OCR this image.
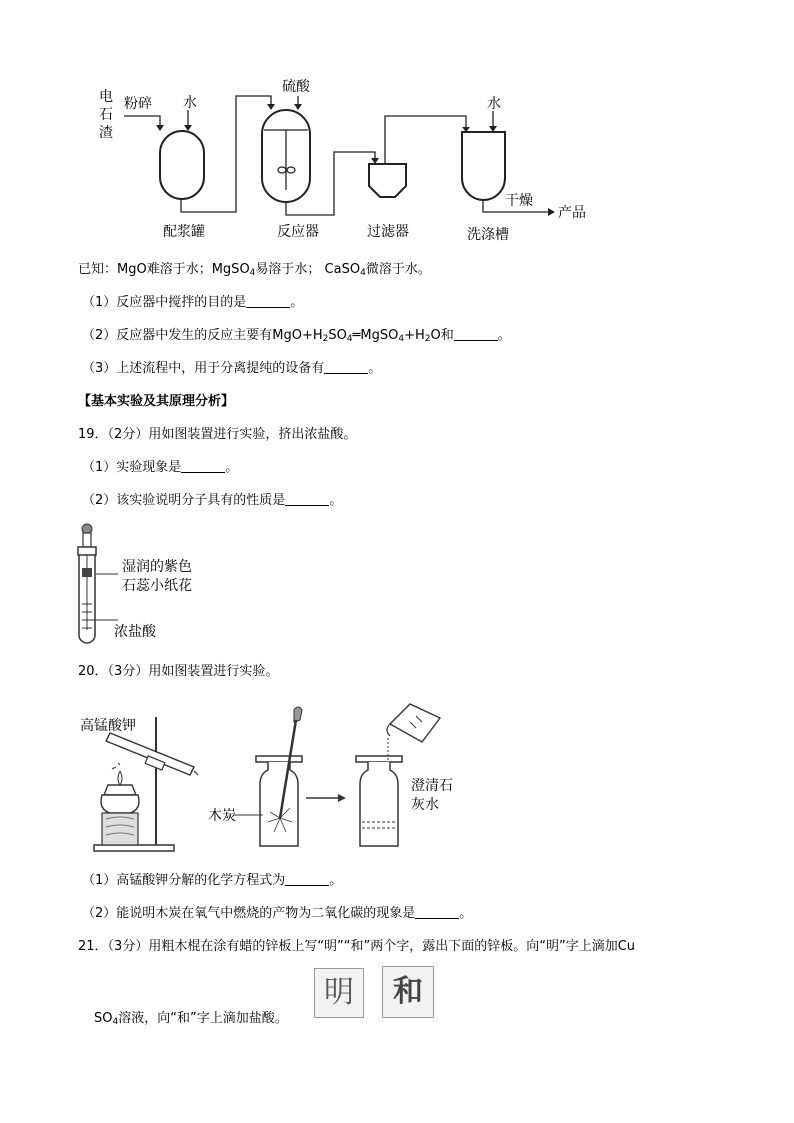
电
石
渣
粉碎 水
硫酸
水
干燥
产品
配浆罐	反应器	过滤器	洗涤槽
已知：MgO难溶于水；MgSO$_4$易溶于水； CaSO$_4$微溶于水。
（1）反应器中搅拌的目的是	。
（2）反应器中发生的反应主要有$MgO+H_2SO_4═MgSO_4+H_2O$和	。
（3）上述流程中，用于分离提纯的设备有	。
【基本实验及其原理分析】
19．（2分）用如图装置进行实验，挤出浓盐酸。
（1）实验现象是	。
（2）该实验说明分子具有的性质是	。
湿润的紫色
石蕊小纸花
浓盐酸
20．（3分）用如图装置进行实验。
高锰酸钾
木炭
澄清石
灰水
（1）高锰酸钾分解的化学方程式为	。
（2）能说明木炭在氧气中燃烧的产物为二氧化碳的现象是	。
21．（3分）用粗木棍在涂有蜡的锌板上写“明”“和”两个字，露出下面的锌板。向“明”字上滴加Cu
$SO_4$溶液，向“和”字上滴加盐酸。
明	和
